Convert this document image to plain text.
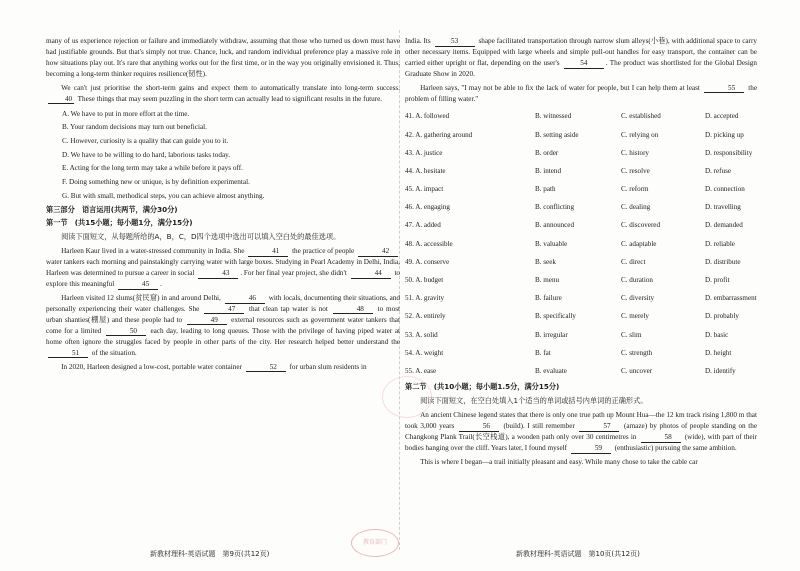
many of us experience rejection or failure and immediately withdraw, assuming that those who turned us down must have had justifiable grounds. But that's simply not true. Chance, luck, and random individual preference play a massive role in how situations play out. It's rare that anything works out for the first time, or in the way you originally envisioned it. Thus, becoming a long-term thinker requires resilience(韧性).

We can't just prioritise the short-term gains and expect them to automatically translate into long-term success. 40 These things that may seem puzzling in the short term can actually lead to significant results in the future.

A. We have to put in more effort at the time.

B. Your random decisions may turn out beneficial.

C. However, curiosity is a quality that can guide you to it.

D. We have to be willing to do hard, laborious tasks today.

E. Acting for the long term may take a while before it pays off.

F. Doing something new or unique, is by definition experimental.

G. But with small, methodical steps, you can achieve almost anything.

第三部分　语言运用(共两节，满分30分)

第一节　(共15小题；每小题1分，满分15分)

阅读下面短文，从每题所给的A，B，C，D四个选项中选出可以填入空白处的最佳选项。

Harleen Kaur lived in a water-stressed community in India. She	41 the practice of people	42 water tankers each morning and painstakingly carrying water with large boxes. Studying in Pearl Academy in Delhi, India, Harleen was determined to pursue a career in social	43 . For her final year project, she didn't	44 to explore this meaningful	45 .

Harleen visited 12 slums(贫民窟) in and around Delhi,	46 with locals, documenting their situations, and personally experiencing their water challenges. She	47 that clean tap water is not	48 to most urban shanties(棚屋) and these people had to	49 external resources such as government water tankers that come for a limited	50 each day, leading to long queues. Those with the privilege of having piped water at home often ignore the struggles faced by people in other parts of the city. Her research helped better understand the 51 of the situation.

In 2020, Harleen designed a low-cost, portable water container	52 for urban slum residents in

India. Its	53	shape facilitated transportation through narrow slum alleys(小巷), with additional space to carry other necessary items. Equipped with large wheels and simple pull-out handles for easy transport, the container can be carried either upright or flat, depending on the user's	54	. The product was shortlisted for the Global Design Graduate Show in 2020.

Harleen says, "I may not be able to fix the lack of water for people, but I can help them at least	55 the problem of filling water."

41. A. followed	B. witnessed	C. established	D. accepted
42. A. gathering around	B. setting aside	C. relying on	D. picking up
43. A. justice	B. order	C. history	D. responsibility
44. A. hesitate	B. intend	C. resolve	D. refuse
45. A. impact	B. path	C. reform	D. connection
46. A. engaging	B. conflicting	C. dealing	D. travelling
47. A. added	B. announced	C. discovered	D. demanded
48. A. accessible	B. valuable	C. adaptable	D. reliable
49. A. conserve	B. seek	C. direct	D. distribute
50. A. budget	B. menu	C. duration	D. profit
51. A. gravity	B. failure	C. diversity	D. embarrassment
52. A. entirely	B. specifically	C. merely	D. probably
53. A. solid	B. irregular	C. slim	D. basic
54. A. weight	B. fat	C. strength	D. height
55. A. ease	B. evaluate	C. uncover	D. identify

第二节　(共10小题；每小题1.5分，满分15分)

阅读下面短文，在空白处填入1个适当的单词或括号内单词的正确形式。

An ancient Chinese legend states that there is only one true path up Mount Hua—the 12 km track rising 1,800 m that took 3,000 years	56 (build). I still remember	57 (amaze) by photos of people standing on the Changkong Plank Trail(长空栈道), a wooden path only over 30 centimetres in	58 (wide), with part of their bodies hanging over the cliff. Years later, I found myself	59 (enthusiastic) pursuing the same ambition.

This is where I began—a trail initially pleasant and easy. While many chose to take the cable car

新教材理科-英语试题　第9页(共12页)	新教材理科-英语试题　第10页(共12页)
教育部门
